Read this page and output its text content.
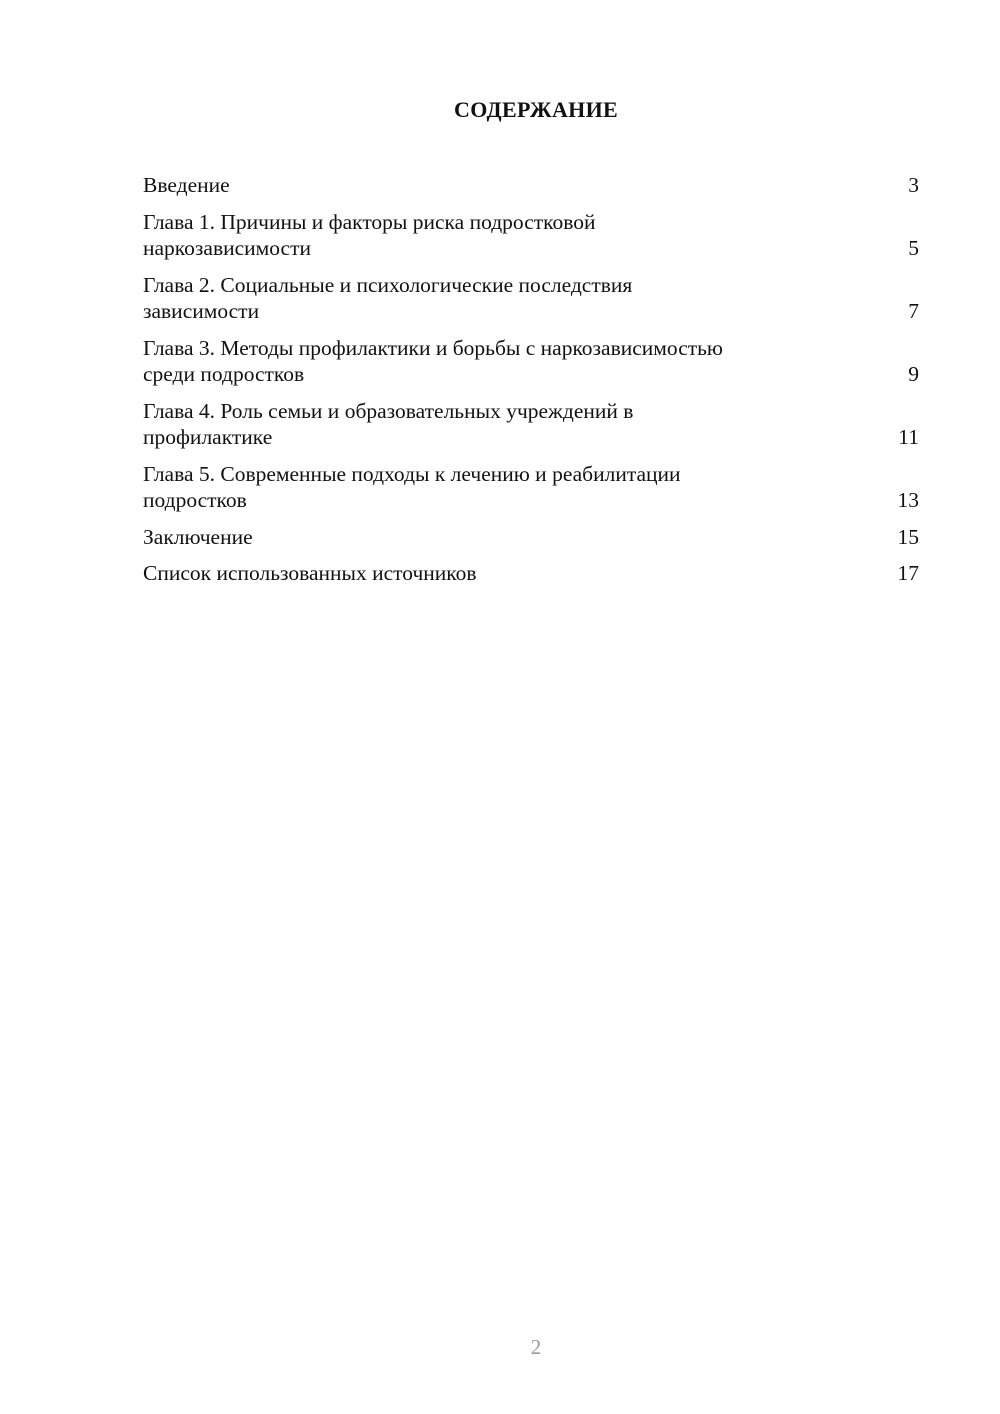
СОДЕРЖАНИЕ
Введение	3
Глава 1. Причины и факторы риска подростковой
наркозависимости	5
Глава 2. Социальные и психологические последствия
зависимости	7
Глава 3. Методы профилактики и борьбы с наркозависимостью
среди подростков	9
Глава 4. Роль семьи и образовательных учреждений в
профилактике	11
Глава 5. Современные подходы к лечению и реабилитации
подростков	13
Заключение	15
Список использованных источников	17
2
